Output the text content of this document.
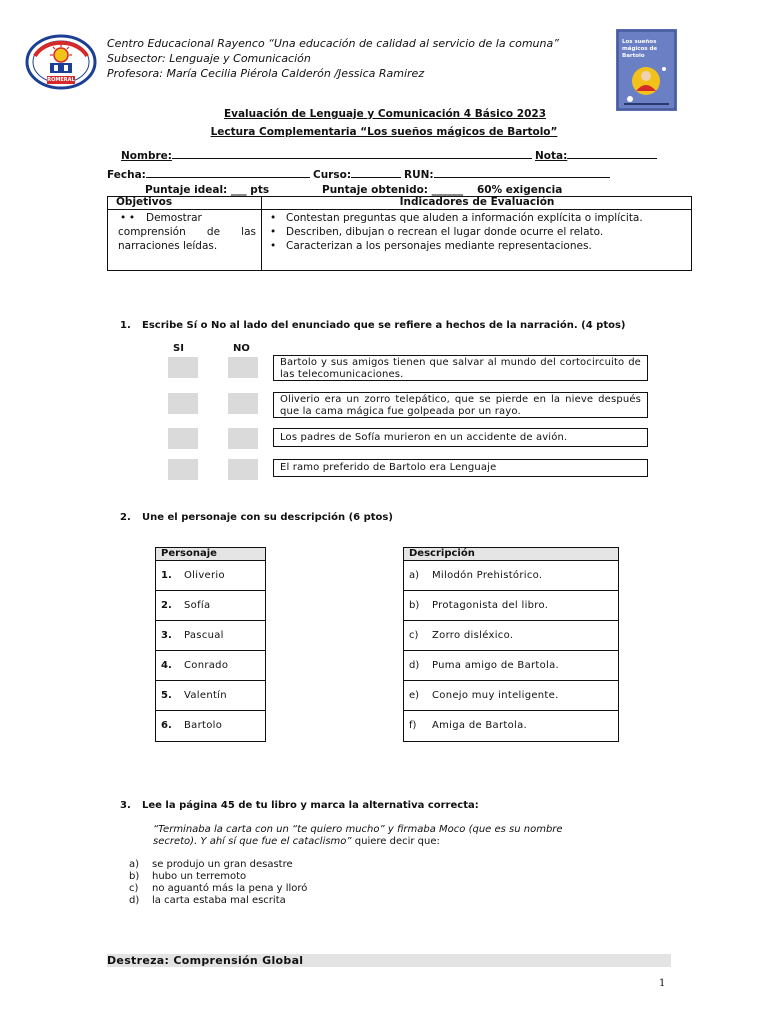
ROMERAL
Centro Educacional Rayenco “Una educación de calidad al servicio de la comuna”
Subsector: Lenguaje y Comunicación
Profesora: María Cecilia Piérola Calderón /Jessica Ramirez
Los sueños mágicos de Bartolo
Evaluación de Lenguaje y Comunicación 4 Básico 2023
Lectura Complementaria “Los sueños mágicos de Bartolo”
Nombre:	Nota:
Fecha:	Curso:	RUN:
Puntaje ideal: ___ pts	Puntaje obtenido: ______ 60% exigencia
Objetivos	Indicadores de Evaluación
• • Demostrar comprensión de las narraciones leídas.
• Contestan preguntas que aluden a información explícita o implícita.
• Describen, dibujan o recrean el lugar donde ocurre el relato.
• Caracterizan a los personajes mediante representaciones.
1. Escribe Sí o No al lado del enunciado que se refiere a hechos de la narración. (4 ptos)
SI	NO
Bartolo y sus amigos tienen que salvar al mundo del cortocircuito de las telecomunicaciones.
Oliverio era un zorro telepático, que se pierde en la nieve después que la cama mágica fue golpeada por un rayo.
Los padres de Sofía murieron en un accidente de avión.
El ramo preferido de Bartolo era Lenguaje
2. Une el personaje con su descripción (6 ptos)
Personaje
1. Oliverio
2. Sofía
3. Pascual
4. Conrado
5. Valentín
6. Bartolo
Descripción
a) Milodón Prehistórico.
b) Protagonista del libro.
c) Zorro disléxico.
d) Puma amigo de Bartola.
e) Conejo muy inteligente.
f) Amiga de Bartola.
3. Lee la página 45 de tu libro y marca la alternativa correcta:
“Terminaba la carta con un “te quiero mucho” y firmaba Moco (que es su nombre secreto). Y ahí sí que fue el cataclismo” quiere decir que:
a) se produjo un gran desastre
b) hubo un terremoto
c) no aguantó más la pena y lloró
d) la carta estaba mal escrita
Destreza: Comprensión Global
1
